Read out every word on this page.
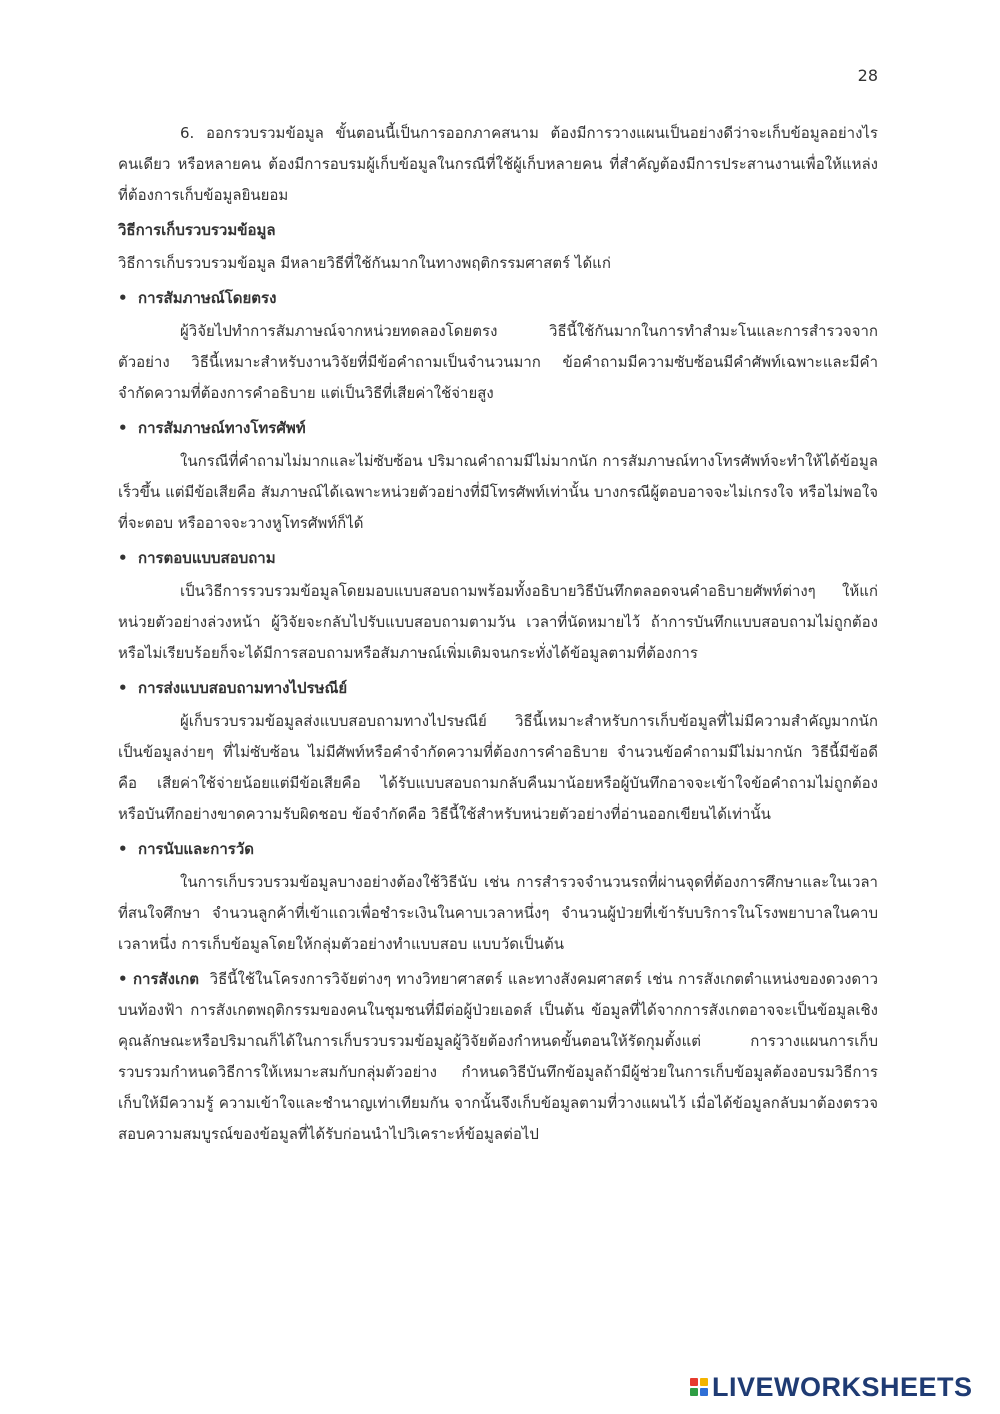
28

6. ออกรวบรวมข้อมูล ขั้นตอนนี้เป็นการออกภาคสนาม ต้องมีการวางแผนเป็นอย่างดีว่าจะเก็บข้อมูลอย่างไร คนเดียว หรือหลายคน ต้องมีการอบรมผู้เก็บข้อมูลในกรณีที่ใช้ผู้เก็บหลายคน ที่สำคัญต้องมีการประสานงานเพื่อให้แหล่งที่ต้องการเก็บข้อมูลยินยอม

วิธีการเก็บรวบรวมข้อมูล

วิธีการเก็บรวบรวมข้อมูล มีหลายวิธีที่ใช้กันมากในทางพฤติกรรมศาสตร์ ได้แก่

• การสัมภาษณ์โดยตรง

ผู้วิจัยไปทำการสัมภาษณ์จากหน่วยทดลองโดยตรง วิธีนี้ใช้กันมากในการทำสำมะโนและการสำรวจจากตัวอย่าง วิธีนี้เหมาะสำหรับงานวิจัยที่มีข้อคำถามเป็นจำนวนมาก ข้อคำถามมีความซับซ้อนมีคำศัพท์เฉพาะและมีคำจำกัดความที่ต้องการคำอธิบาย แต่เป็นวิธีที่เสียค่าใช้จ่ายสูง

• การสัมภาษณ์ทางโทรศัพท์

ในกรณีที่คำถามไม่มากและไม่ซับซ้อน ปริมาณคำถามมีไม่มากนัก การสัมภาษณ์ทางโทรศัพท์จะทำให้ได้ข้อมูลเร็วขึ้น แต่มีข้อเสียคือ สัมภาษณ์ได้เฉพาะหน่วยตัวอย่างที่มีโทรศัพท์เท่านั้น บางกรณีผู้ตอบอาจจะไม่เกรงใจ หรือไม่พอใจที่จะตอบ หรืออาจจะวางหูโทรศัพท์ก็ได้

• การตอบแบบสอบถาม

เป็นวิธีการรวบรวมข้อมูลโดยมอบแบบสอบถามพร้อมทั้งอธิบายวิธีบันทึกตลอดจนคำอธิบายศัพท์ต่างๆ ให้แก่หน่วยตัวอย่างล่วงหน้า ผู้วิจัยจะกลับไปรับแบบสอบถามตามวัน เวลาที่นัดหมายไว้ ถ้าการบันทึกแบบสอบถามไม่ถูกต้องหรือไม่เรียบร้อยก็จะได้มีการสอบถามหรือสัมภาษณ์เพิ่มเติมจนกระทั่งได้ข้อมูลตามที่ต้องการ

• การส่งแบบสอบถามทางไปรษณีย์

ผู้เก็บรวบรวมข้อมูลส่งแบบสอบถามทางไปรษณีย์ วิธีนี้เหมาะสำหรับการเก็บข้อมูลที่ไม่มีความสำคัญมากนัก เป็นข้อมูลง่ายๆ ที่ไม่ซับซ้อน ไม่มีศัพท์หรือคำจำกัดความที่ต้องการคำอธิบาย จำนวนข้อคำถามมีไม่มากนัก วิธีนี้มีข้อดีคือ เสียค่าใช้จ่ายน้อยแต่มีข้อเสียคือ ได้รับแบบสอบถามกลับคืนมาน้อยหรือผู้บันทึกอาจจะเข้าใจข้อคำถามไม่ถูกต้อง หรือบันทึกอย่างขาดความรับผิดชอบ ข้อจำกัดคือ วิธีนี้ใช้สำหรับหน่วยตัวอย่างที่อ่านออกเขียนได้เท่านั้น

• การนับและการวัด

ในการเก็บรวบรวมข้อมูลบางอย่างต้องใช้วิธีนับ เช่น การสำรวจจำนวนรถที่ผ่านจุดที่ต้องการศึกษาและในเวลาที่สนใจศึกษา จำนวนลูกค้าที่เข้าแถวเพื่อชำระเงินในคาบเวลาหนึ่งๆ จำนวนผู้ป่วยที่เข้ารับบริการในโรงพยาบาลในคาบเวลาหนึ่ง การเก็บข้อมูลโดยให้กลุ่มตัวอย่างทำแบบสอบ แบบวัดเป็นต้น

• การสังเกต วิธีนี้ใช้ในโครงการวิจัยต่างๆ ทางวิทยาศาสตร์ และทางสังคมศาสตร์ เช่น การสังเกตตำแหน่งของดวงดาวบนท้องฟ้า การสังเกตพฤติกรรมของคนในชุมชนที่มีต่อผู้ป่วยเอดส์ เป็นต้น ข้อมูลที่ได้จากการสังเกตอาจจะเป็นข้อมูลเชิงคุณลักษณะหรือปริมาณก็ได้ในการเก็บรวบรวมข้อมูลผู้วิจัยต้องกำหนดขั้นตอนให้รัดกุมตั้งแต่ การวางแผนการเก็บรวบรวมกำหนดวิธีการให้เหมาะสมกับกลุ่มตัวอย่าง กำหนดวิธีบันทึกข้อมูลถ้ามีผู้ช่วยในการเก็บข้อมูลต้องอบรมวิธีการเก็บให้มีความรู้ ความเข้าใจและชำนาญเท่าเทียมกัน จากนั้นจึงเก็บข้อมูลตามที่วางแผนไว้ เมื่อได้ข้อมูลกลับมาต้องตรวจสอบความสมบูรณ์ของข้อมูลที่ได้รับก่อนนำไปวิเคราะห์ข้อมูลต่อไป

LIVEWORKSHEETS
